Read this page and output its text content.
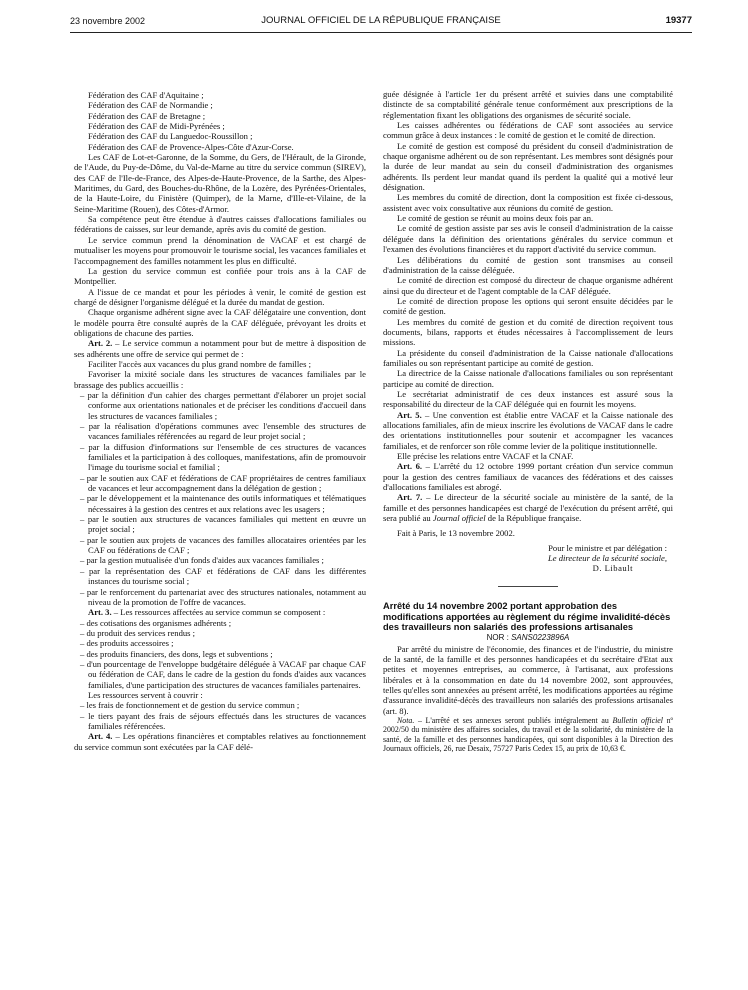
23 novembre 2002	JOURNAL OFFICIEL DE LA RÉPUBLIQUE FRANÇAISE	19377

Fédération des CAF d'Aquitaine ;

Fédération des CAF de Normandie ;

Fédération des CAF de Bretagne ;

Fédération des CAF de Midi-Pyrénées ;

Fédération des CAF du Languedoc-Roussillon ;

Fédération des CAF de Provence-Alpes-Côte d'Azur-Corse.

Les CAF de Lot-et-Garonne, de la Somme, du Gers, de l'Hérault, de la Gironde, de l'Aude, du Puy-de-Dôme, du Val-de-Marne au titre du service commun (SIREV), des CAF de l'Ile-de-France, des Alpes-de-Haute-Provence, de la Sarthe, des Alpes-Maritimes, du Gard, des Bouches-du-Rhône, de la Lozère, des Pyrénées-Orientales, de la Haute-Loire, du Finistère (Quimper), de la Marne, d'Ille-et-Vilaine, de la Seine-Maritime (Rouen), des Côtes-d'Armor.

Sa compétence peut être étendue à d'autres caisses d'allocations familiales ou fédérations de caisses, sur leur demande, après avis du comité de gestion.

Le service commun prend la dénomination de VACAF et est chargé de mutualiser les moyens pour promouvoir le tourisme social, les vacances familiales et l'accompagnement des familles notamment les plus en difficulté.

La gestion du service commun est confiée pour trois ans à la CAF de Montpellier.

A l'issue de ce mandat et pour les périodes à venir, le comité de gestion est chargé de désigner l'organisme délégué et la durée du mandat de gestion.

Chaque organisme adhérent signe avec la CAF délégataire une convention, dont le modèle pourra être consulté auprès de la CAF déléguée, prévoyant les droits et obligations de chacune des parties.

Art. 2. – Le service commun a notamment pour but de mettre à disposition de ses adhérents une offre de service qui permet de :

Faciliter l'accès aux vacances du plus grand nombre de familles ;

Favoriser la mixité sociale dans les structures de vacances familiales par le brassage des publics accueillis :

– par la définition d'un cahier des charges permettant d'élaborer un projet social conforme aux orientations nationales et de préciser les conditions d'accueil dans les structures de vacances familiales ;

– par la réalisation d'opérations communes avec l'ensemble des structures de vacances familiales référencées au regard de leur projet social ;

– par la diffusion d'informations sur l'ensemble de ces structures de vacances familiales et la participation à des colloques, manifestations, afin de promouvoir l'image du tourisme social et familial ;

– par le soutien aux CAF et fédérations de CAF propriétaires de centres familiaux de vacances et leur accompagnement dans la délégation de gestion ;

– par le développement et la maintenance des outils informatiques et télématiques nécessaires à la gestion des centres et aux relations avec les usagers ;

– par le soutien aux structures de vacances familiales qui mettent en œuvre un projet social ;

– par le soutien aux projets de vacances des familles allocataires orientées par les CAF ou fédérations de CAF ;

– par la gestion mutualisée d'un fonds d'aides aux vacances familiales ;

– par la représentation des CAF et fédérations de CAF dans les différentes instances du tourisme social ;

– par le renforcement du partenariat avec des structures nationales, notamment au niveau de la promotion de l'offre de vacances.

Art. 3. – Les ressources affectées au service commun se composent :

– des cotisations des organismes adhérents ;

– du produit des services rendus ;

– des produits accessoires ;

– des produits financiers, des dons, legs et subventions ;

– d'un pourcentage de l'enveloppe budgétaire déléguée à VACAF par chaque CAF ou fédération de CAF, dans le cadre de la gestion du fonds d'aides aux vacances familiales, d'une participation des structures de vacances familiales partenaires.

Les ressources servent à couvrir :

– les frais de fonctionnement et de gestion du service commun ;

– le tiers payant des frais de séjours effectués dans les structures de vacances familiales référencées.

Art. 4. – Les opérations financières et comptables relatives au fonctionnement du service commun sont exécutées par la CAF délé-

guée désignée à l'article 1er du présent arrêté et suivies dans une comptabilité distincte de sa comptabilité générale tenue conformément aux prescriptions de la réglementation fixant les obligations des organismes de sécurité sociale.

Les caisses adhérentes ou fédérations de CAF sont associées au service commun grâce à deux instances : le comité de gestion et le comité de direction.

Le comité de gestion est composé du président du conseil d'administration de chaque organisme adhérent ou de son représentant. Les membres sont désignés pour la durée de leur mandat au sein du conseil d'administration des organismes adhérents. Ils perdent leur mandat quand ils perdent la qualité qui a motivé leur désignation.

Les membres du comité de direction, dont la composition est fixée ci-dessous, assistent avec voix consultative aux réunions du comité de gestion.

Le comité de gestion se réunit au moins deux fois par an.

Le comité de gestion assiste par ses avis le conseil d'administration de la caisse déléguée dans la définition des orientations générales du service commun et l'examen des évolutions financières et du rapport d'activité du service commun.

Les délibérations du comité de gestion sont transmises au conseil d'administration de la caisse déléguée.

Le comité de direction est composé du directeur de chaque organisme adhérent ainsi que du directeur et de l'agent comptable de la CAF déléguée.

Le comité de direction propose les options qui seront ensuite décidées par le comité de gestion.

Les membres du comité de gestion et du comité de direction reçoivent tous documents, bilans, rapports et études nécessaires à l'accomplissement de leurs missions.

La présidente du conseil d'administration de la Caisse nationale d'allocations familiales ou son représentant participe au comité de gestion.

La directrice de la Caisse nationale d'allocations familiales ou son représentant participe au comité de direction.

Le secrétariat administratif de ces deux instances est assuré sous la responsabilité du directeur de la CAF déléguée qui en fournit les moyens.

Art. 5. – Une convention est établie entre VACAF et la Caisse nationale des allocations familiales, afin de mieux inscrire les évolutions de VACAF dans le cadre des orientations institutionnelles pour soutenir et accompagner les vacances familiales, et de renforcer son rôle comme levier de la politique institutionnelle.

Elle précise les relations entre VACAF et la CNAF.

Art. 6. – L'arrêté du 12 octobre 1999 portant création d'un service commun pour la gestion des centres familiaux de vacances des fédérations et des caisses d'allocations familiales est abrogé.

Art. 7. – Le directeur de la sécurité sociale au ministère de la santé, de la famille et des personnes handicapées est chargé de l'exécution du présent arrêté, qui sera publié au Journal officiel de la République française.

Fait à Paris, le 13 novembre 2002.

Pour le ministre et par délégation :

Le directeur de la sécurité sociale,

D. Libault

Arrêté du 14 novembre 2002 portant approbation des modifications apportées au règlement du régime invalidité-décès des travailleurs non salariés des professions artisanales

NOR : SANS0223896A

Par arrêté du ministre de l'économie, des finances et de l'industrie, du ministre de la santé, de la famille et des personnes handicapées et du secrétaire d'Etat aux petites et moyennes entreprises, au commerce, à l'artisanat, aux professions libérales et à la consommation en date du 14 novembre 2002, sont approuvées, telles qu'elles sont annexées au présent arrêté, les modifications apportées au régime d'assurance invalidité-décès des travailleurs non salariés des professions artisanales (art. 8).

Nota. – L'arrêté et ses annexes seront publiés intégralement au Bulletin officiel nº 2002/50 du ministère des affaires sociales, du travail et de la solidarité, du ministère de la santé, de la famille et des personnes handicapées, qui sont disponibles à la Direction des Journaux officiels, 26, rue Desaix, 75727 Paris Cedex 15, au prix de 10,63 €.
